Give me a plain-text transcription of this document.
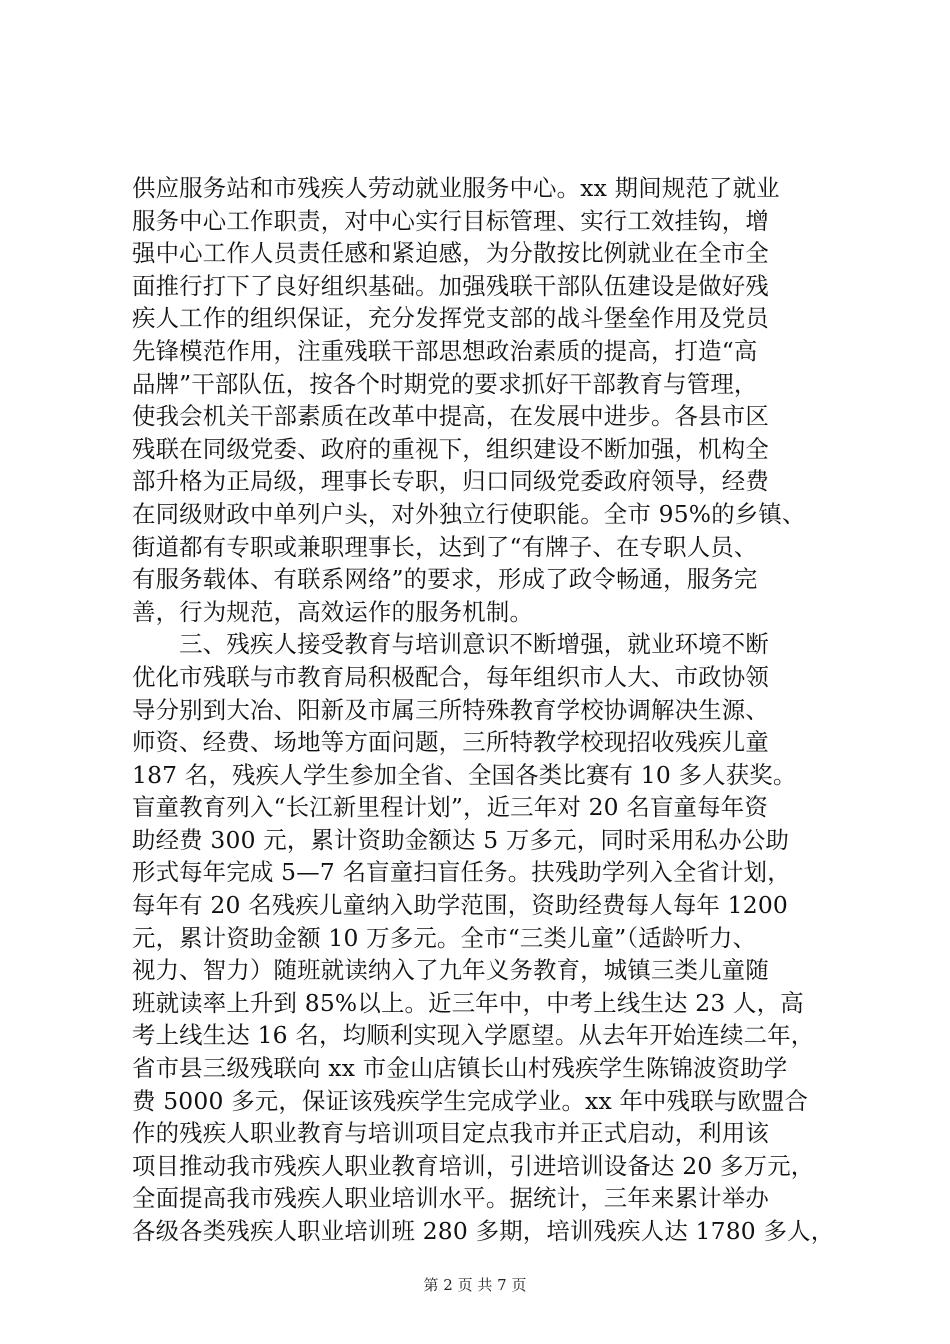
供应服务站和市残疾人劳动就业服务中心。xx 期间规范了就业
服务中心工作职责，对中心实行目标管理、实行工效挂钩，增
强中心工作人员责任感和紧迫感，为分散按比例就业在全市全
面推行打下了良好组织基础。加强残联干部队伍建设是做好残
疾人工作的组织保证，充分发挥党支部的战斗堡垒作用及党员
先锋模范作用，注重残联干部思想政治素质的提高，打造“高
品牌”干部队伍，按各个时期党的要求抓好干部教育与管理，
使我会机关干部素质在改革中提高，在发展中进步。各县市区
残联在同级党委、政府的重视下，组织建设不断加强，机构全
部升格为正局级，理事长专职，归口同级党委政府领导，经费
在同级财政中单列户头，对外独立行使职能。全市 95%的乡镇、
街道都有专职或兼职理事长，达到了“有牌子、在专职人员、
有服务载体、有联系网络”的要求，形成了政令畅通，服务完
善，行为规范，高效运作的服务机制。
　　三、残疾人接受教育与培训意识不断增强，就业环境不断
优化市残联与市教育局积极配合，每年组织市人大、市政协领
导分别到大冶、阳新及市属三所特殊教育学校协调解决生源、
师资、经费、场地等方面问题，三所特教学校现招收残疾儿童
187 名，残疾人学生参加全省、全国各类比赛有 10 多人获奖。
盲童教育列入“长江新里程计划”，近三年对 20 名盲童每年资
助经费 300 元，累计资助金额达 5 万多元，同时采用私办公助
形式每年完成 5—7 名盲童扫盲任务。扶残助学列入全省计划，
每年有 20 名残疾儿童纳入助学范围，资助经费每人每年 1200
元，累计资助金额 10 万多元。全市“三类儿童”（适龄听力、
视力、智力）随班就读纳入了九年义务教育，城镇三类儿童随
班就读率上升到 85%以上。近三年中，中考上线生达 23 人，高
考上线生达 16 名，均顺利实现入学愿望。从去年开始连续二年，
省市县三级残联向 xx 市金山店镇长山村残疾学生陈锦波资助学
费 5000 多元，保证该残疾学生完成学业。xx 年中残联与欧盟合
作的残疾人职业教育与培训项目定点我市并正式启动，利用该
项目推动我市残疾人职业教育培训，引进培训设备达 20 多万元，
全面提高我市残疾人职业培训水平。据统计，三年来累计举办
各级各类残疾人职业培训班 280 多期，培训残疾人达 1780 多人，
第 2 页 共 7 页
